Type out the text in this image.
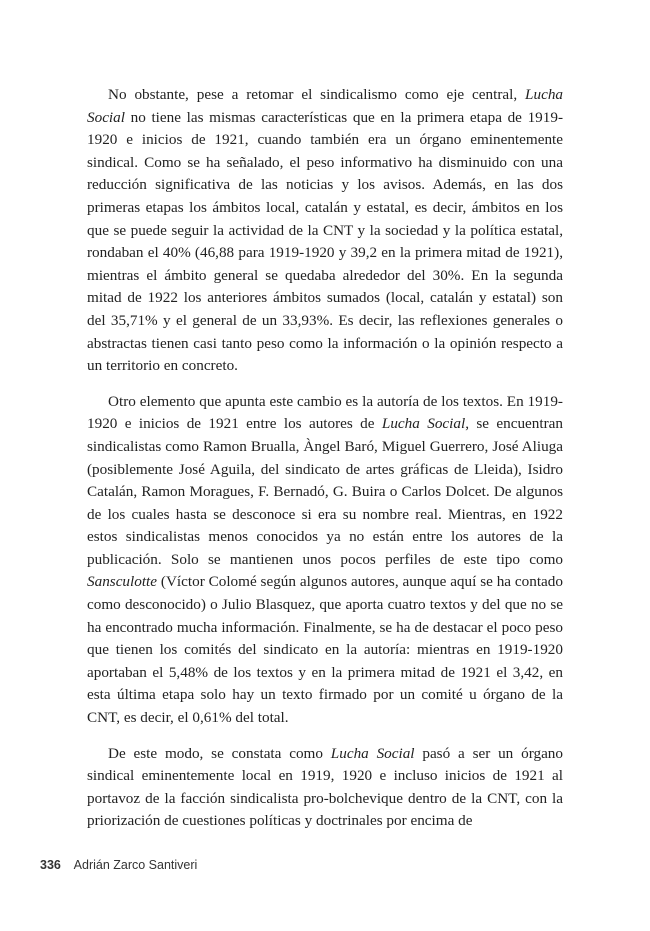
No obstante, pese a retomar el sindicalismo como eje central, Lucha Social no tiene las mismas características que en la primera etapa de 1919-1920 e inicios de 1921, cuando también era un órgano eminentemente sindical. Como se ha señalado, el peso informativo ha disminuido con una reducción significativa de las noticias y los avisos. Además, en las dos primeras etapas los ámbitos local, catalán y estatal, es decir, ámbitos en los que se puede seguir la actividad de la CNT y la sociedad y la política estatal, rondaban el 40% (46,88 para 1919-1920 y 39,2 en la primera mitad de 1921), mientras el ámbito general se quedaba alrededor del 30%. En la segunda mitad de 1922 los anteriores ámbitos sumados (local, catalán y estatal) son del 35,71% y el general de un 33,93%. Es decir, las reflexiones generales o abstractas tienen casi tanto peso como la información o la opinión respecto a un territorio en concreto.

Otro elemento que apunta este cambio es la autoría de los textos. En 1919-1920 e inicios de 1921 entre los autores de Lucha Social, se encuentran sindicalistas como Ramon Brualla, Àngel Baró, Miguel Guerrero, José Aliuga (posiblemente José Aguila, del sindicato de artes gráficas de Lleida), Isidro Catalán, Ramon Moragues, F. Bernadó, G. Buira o Carlos Dolcet. De algunos de los cuales hasta se desconoce si era su nombre real. Mientras, en 1922 estos sindicalistas menos conocidos ya no están entre los autores de la publicación. Solo se mantienen unos pocos perfiles de este tipo como Sansculotte (Víctor Colomé según algunos autores, aunque aquí se ha contado como desconocido) o Julio Blasquez, que aporta cuatro textos y del que no se ha encontrado mucha información. Finalmente, se ha de destacar el poco peso que tienen los comités del sindicato en la autoría: mientras en 1919-1920 aportaban el 5,48% de los textos y en la primera mitad de 1921 el 3,42, en esta última etapa solo hay un texto firmado por un comité u órgano de la CNT, es decir, el 0,61% del total.

De este modo, se constata como Lucha Social pasó a ser un órgano sindical eminentemente local en 1919, 1920 e incluso inicios de 1921 al portavoz de la facción sindicalista pro-bolchevique dentro de la CNT, con la priorización de cuestiones políticas y doctrinales por encima de

336 Adrián Zarco Santiveri
